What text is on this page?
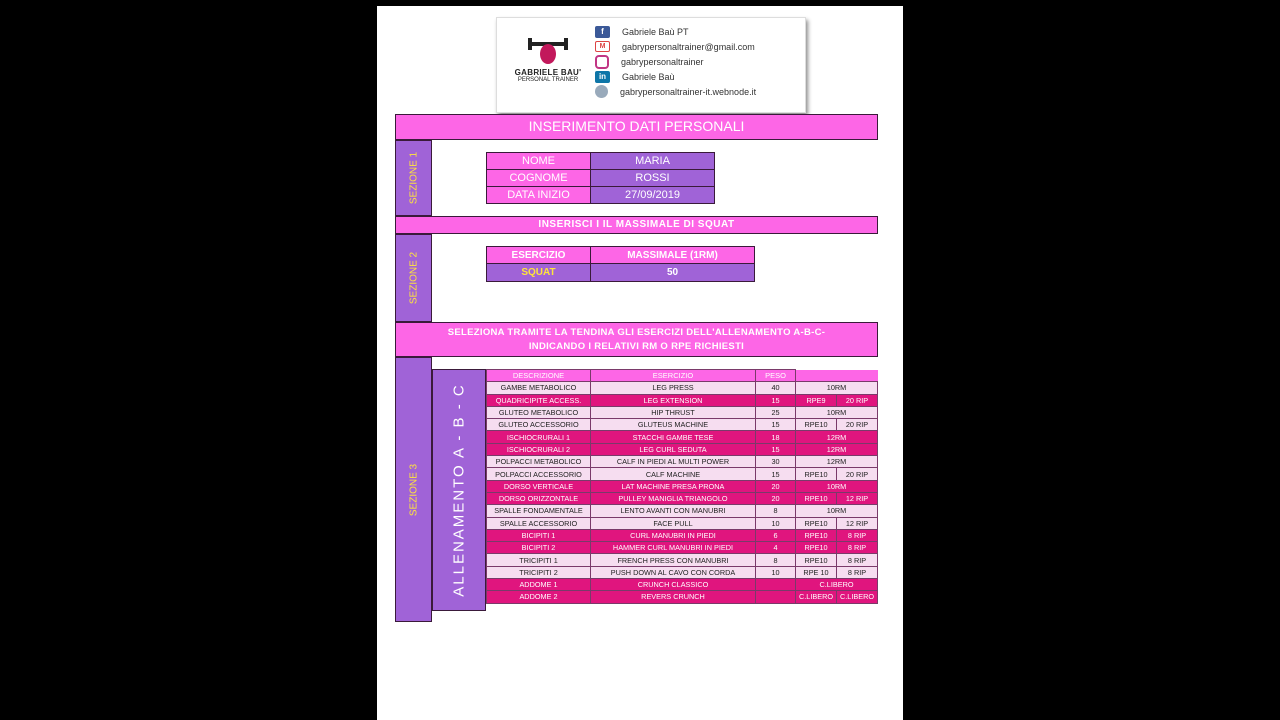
GABRIELE BAU'
PERSONAL TRAINER
f	Gabriele Baù PT
M	gabrypersonaltrainer@gmail.com
gabrypersonaltrainer
in	Gabriele Baù
gabrypersonaltrainer-it.webnode.it
INSERIMENTO DATI PERSONALI
SEZIONE 1	NOME	MARIA
COGNOME	ROSSI
DATA INIZIO	27/09/2019
INSERISCI I IL MASSIMALE DI SQUAT
SEZIONE 2	ESERCIZIO	MASSIMALE (1RM)
SQUAT	50
SELEZIONA TRAMITE LA TENDINA GLI ESERCIZI DELL'ALLENAMENTO A-B-C-
INDICANDO I RELATIVI RM O RPE RICHIESTI
SEZIONE 3 ALLENAMENTO A - B - C
DESCRIZIONE	ESERCIZIO	PESO		
GAMBE METABOLICO	LEG PRESS	40	10RM	
QUADRICIPITE ACCESS.	LEG EXTENSION	15	RPE9	20 RIP
GLUTEO METABOLICO	HIP THRUST	25	10RM	
GLUTEO ACCESSORIO	GLUTEUS MACHINE	15	RPE10	20 RIP
ISCHIOCRURALI 1	STACCHI GAMBE TESE	18	12RM	
ISCHIOCRURALI 2	LEG CURL SEDUTA	15	12RM	
POLPACCI METABOLICO	CALF IN PIEDI AL MULTI POWER	30	12RM	
POLPACCI ACCESSORIO	CALF MACHINE	15	RPE10	20 RIP
DORSO VERTICALE	LAT MACHINE PRESA PRONA	20	10RM	
DORSO ORIZZONTALE	PULLEY MANIGLIA TRIANGOLO	20	RPE10	12 RIP
SPALLE FONDAMENTALE	LENTO AVANTI CON MANUBRI	8	10RM	
SPALLE ACCESSORIO	FACE PULL	10	RPE10	12 RIP
BICIPITI 1	CURL MANUBRI IN PIEDI	6	RPE10	8 RIP
BICIPITI 2	HAMMER CURL MANUBRI IN PIEDI	4	RPE10	8 RIP
TRICIPITI 1	FRENCH PRESS CON MANUBRI	8	RPE10	8 RIP
TRICIPITI 2	PUSH DOWN AL CAVO CON CORDA	10	RPE 10	8 RIP
ADDOME 1	CRUNCH CLASSICO		C.LIBERO	
ADDOME 2	REVERS CRUNCH		C.LIBERO	C.LIBERO
